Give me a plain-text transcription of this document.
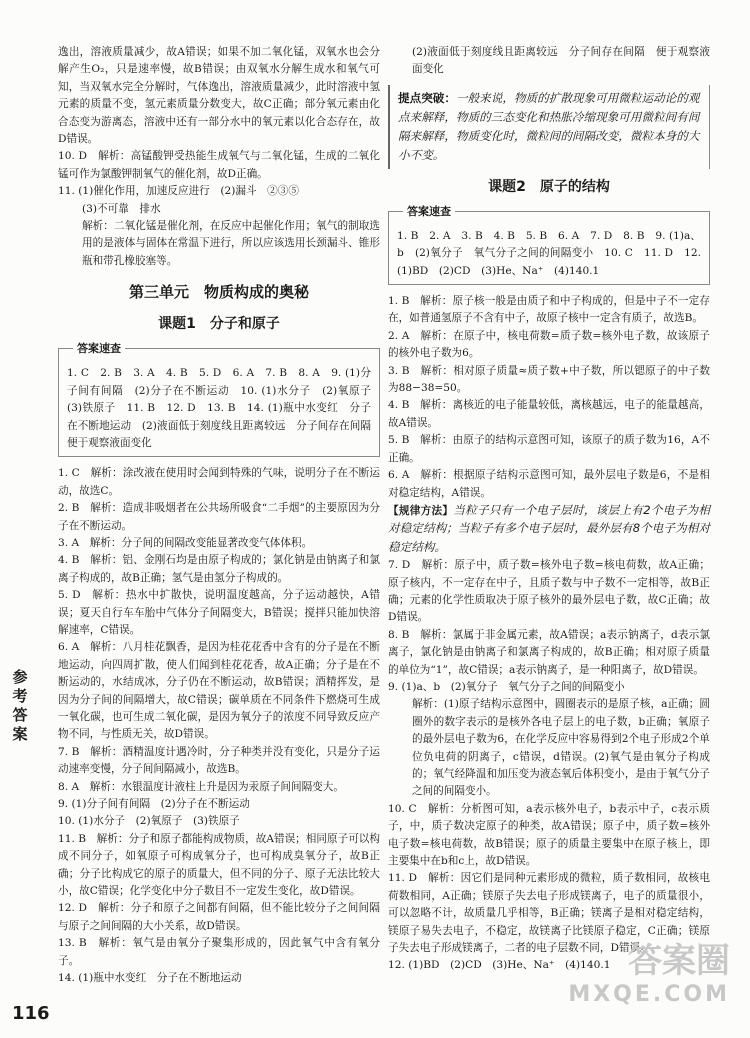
逸出，溶液质量减少，故A错误；如果不加二氧化锰，双氧水也会分解产生O₂，只是速率慢，故B错误；由双氧水分解生成水和氧气可知，当双氧水完全分解时，气体逸出，溶液质量减少，此时溶液中氢元素的质量不变，氢元素质量分数变大，故C正确；部分氧元素由化合态变为游离态，溶液中还有一部分水中的氧元素以化合态存在，故D错误。

10. D　解析：高锰酸钾受热能生成氧气与二氧化锰，生成的二氧化锰可作为氯酸钾制氧气的催化剂，故D正确。

11. (1)催化作用，加速反应进行　(2)漏斗　②③⑤

(3)不可靠　排水

解析：二氧化锰是催化剂，在反应中起催化作用；氧气的制取选用的是液体与固体在常温下进行，所以应该选用长颈漏斗、锥形瓶和带孔橡胶塞等。

第三单元　物质构成的奥秘
课题1　分子和原子
答案速查

1. C　2. B　3. A　4. B　5. D　6. A　7. B　8. A　9. (1)分子间有间隔　(2)分子在不断运动　10. (1)水分子　(2)氧原子　(3)铁原子　11. B　12. D　13. B　14. (1)瓶中水变红　分子在不断地运动　(2)液面低于刻度线且距离较远　分子间存在间隔　便于观察液面变化

1. C　解析：涂改液在使用时会闻到特殊的气味，说明分子在不断运动，故选C。

2. B　解析：造成非吸烟者在公共场所吸食“二手烟”的主要原因为分子在不断运动。

3. A　解析：分子间的间隔改变能显著改变气体体积。

4. B　解析：铝、金刚石均是由原子构成的；氯化钠是由钠离子和氯离子构成的，故B正确；氢气是由氢分子构成的。

5. D　解析：热水中扩散快，说明温度越高，分子运动越快，A错误；夏天自行车车胎中气体分子间隔变大，B错误；搅拌只能加快溶解速率，C错误。

6. A　解析：八月桂花飘香，是因为桂花花香中含有的分子是在不断地运动，向四周扩散，使人们闻到桂花花香，故A正确；分子是在不断运动的，水结成冰，分子仍在不断运动，故B错误；酒精挥发，是因为分子间的间隔增大，故C错误；碳单质在不同条件下燃烧可生成一氧化碳，也可生成二氧化碳，是因为氧分子的浓度不同导致反应产物不同，与性质无关，故D错误。

7. B　解析：酒精温度计遇冷时，分子种类并没有变化，只是分子运动速率变慢，分子间间隔减小，故选B。

8. A　解析：水银温度计液柱上升是因为汞原子间间隔变大。

9. (1)分子间有间隔　(2)分子在不断运动

10. (1)水分子　(2)氧原子　(3)铁原子

11. B　解析：分子和原子都能构成物质，故A错误；相同原子可以构成不同分子，如氧原子可构成氧分子，也可构成臭氧分子，故B正确；分子比构成它的原子的质量大，但不同的分子、原子无法比较大小，故C错误；化学变化中分子数目不一定发生变化，故D错误。

12. D　解析：分子和原子之间都有间隔，但不能比较分子之间间隔与原子之间间隔的大小关系，故D错误。

13. B　解析：氧气是由氧分子聚集形成的，因此氧气中含有氧分子。

14. (1)瓶中水变红　分子在不断地运动

(2)液面低于刻度线且距离较远　分子间存在间隔　便于观察液面变化

提点突破：一般来说，物质的扩散现象可用微粒运动论的观点来解释，物质的三态变化和热胀冷缩现象可用微粒间有间隔来解释，物质变化时，微粒间的间隔改变，微粒本身的大小不变。
课题2　原子的结构
答案速查

1. B　2. A　3. B　4. B　5. B　6. A　7. D　8. B　9. (1)a、b　(2)氧分子　氧气分子之间的间隔变小　10. C　11. D　12. (1)BD　(2)CD　(3)He、Na⁺　(4)140.1

1. B　解析：原子核一般是由质子和中子构成的，但是中子不一定存在，如普通氢原子不含有中子，故原子核中一定含有质子，故选B。

2. A　解析：在原子中，核电荷数=质子数=核外电子数，故该原子的核外电子数为6。

3. B　解析：相对原子质量≈质子数+中子数，所以锶原子的中子数为88−38=50。

4. B　解析：离核近的电子能量较低，离核越远，电子的能量越高，故A错误。

5. B　解析：由原子的结构示意图可知，该原子的质子数为16，A不正确。

6. A　解析：根据原子结构示意图可知，最外层电子数是6，不是相对稳定结构，A错误。

【规律方法】当粒子只有一个电子层时，该层上有2个电子为相对稳定结构；当粒子有多个电子层时，最外层有8个电子为相对稳定结构。

7. D　解析：原子中，质子数=核外电子数=核电荷数，故A正确；原子核内，不一定存在中子，且质子数与中子数不一定相等，故B正确；元素的化学性质取决于原子核外的最外层电子数，故C正确；故D错误。

8. B　解析：氯属于非金属元素，故A错误；a表示钠离子，d表示氯离子，氯化钠是由钠离子和氯离子构成的，故B正确；相对原子质量的单位为“1”，故C错误；a表示钠离子，是一种阳离子，故D错误。

9. (1)a、b　(2)氧分子　氧气分子之间的间隔变小

解析：(1)原子结构示意图中，圆圈表示的是原子核，a正确；圆圈外的数字表示的是核外各电子层上的电子数，b正确；氧原子的最外层电子数为6，在化学反应中容易得到2个电子形成2个单位负电荷的阴离子，c错误，d错误。(2)氧气是由氧分子构成的；氧气经降温和加压变为液态氧后体积变小，是由于氧气分子之间的间隔变小。

10. C　解析：分析图可知，a表示核外电子，b表示中子，c表示质子，中，质子数决定原子的种类，故A错误；原子中，质子数=核外电子数=核电荷数，故B错误；原子的质量主要集中在原子核上，即主要集中在b和c上，故D错误。

11. D　解析：因它们是同种元素形成的微粒，质子数相同，故核电荷数相同，A正确；镁原子失去电子形成镁离子，电子的质量很小，可以忽略不计，故质量几乎相等，B正确；镁离子是相对稳定结构，镁原子易失去电子，不稳定，故镁离子比镁原子稳定，C正确；镁原子失去电子形成镁离子，二者的电子层数不同，D错误。

12. (1)BD　(2)CD　(3)He、Na⁺　(4)140.1

参考答案
116
答案圈
MXQE.COM
